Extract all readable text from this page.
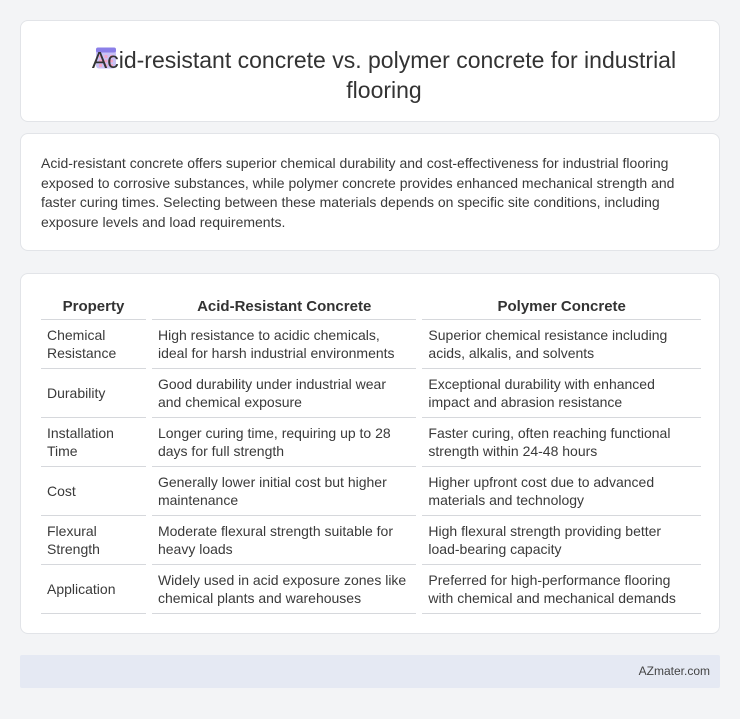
Acid-resistant concrete vs. polymer concrete for industrial flooring

Acid-resistant concrete offers superior chemical durability and cost-effectiveness for industrial flooring exposed to corrosive substances, while polymer concrete provides enhanced mechanical strength and faster curing times. Selecting between these materials depends on specific site conditions, including exposure levels and load requirements.

Property	Acid-Resistant Concrete	Polymer Concrete
Chemical Resistance	High resistance to acidic chemicals, ideal for harsh industrial environments	Superior chemical resistance including acids, alkalis, and solvents
Durability	Good durability under industrial wear and chemical exposure	Exceptional durability with enhanced impact and abrasion resistance
Installation Time	Longer curing time, requiring up to 28 days for full strength	Faster curing, often reaching functional strength within 24-48 hours
Cost	Generally lower initial cost but higher maintenance	Higher upfront cost due to advanced materials and technology
Flexural Strength	Moderate flexural strength suitable for heavy loads	High flexural strength providing better load-bearing capacity
Application	Widely used in acid exposure zones like chemical plants and warehouses	Preferred for high-performance flooring with chemical and mechanical demands
AZmater.com
